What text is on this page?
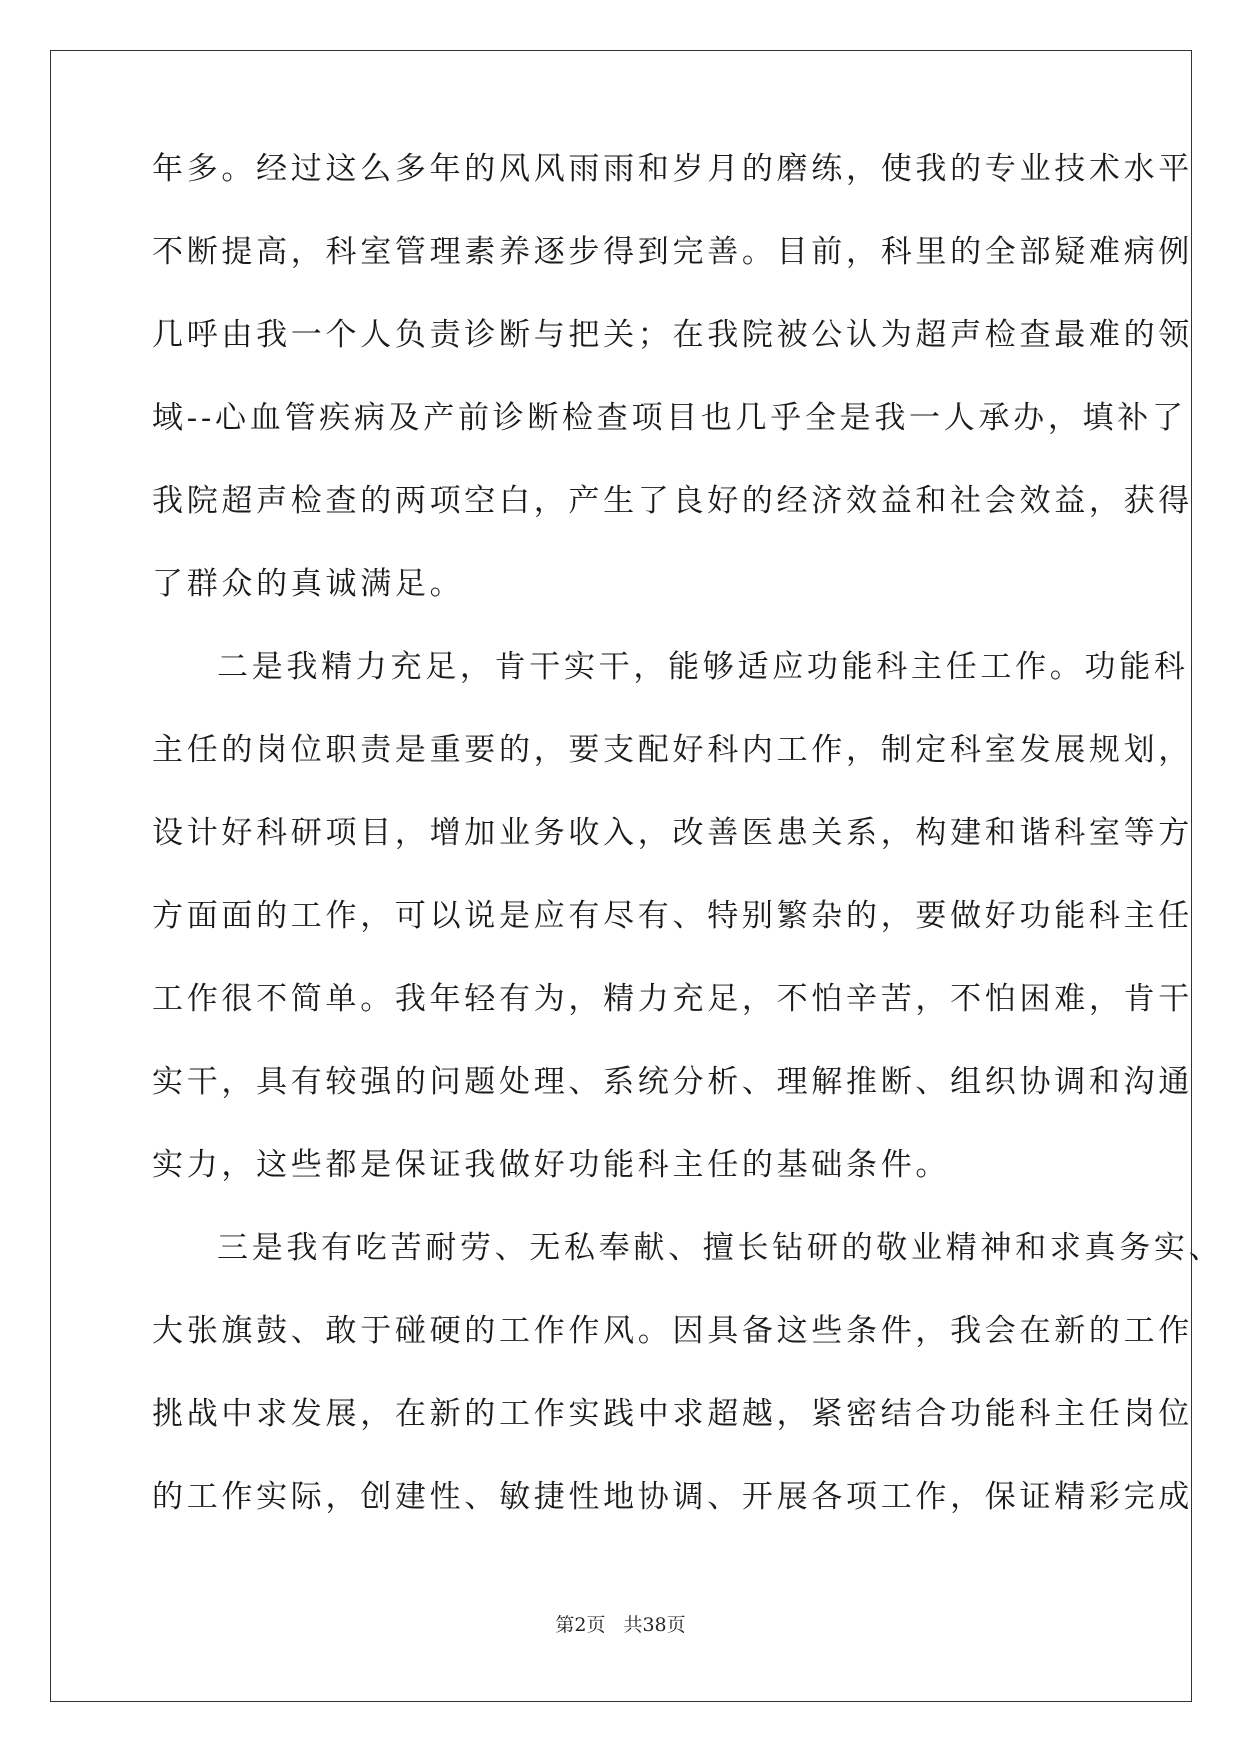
年多。经过这么多年的风风雨雨和岁月的磨练，使我的专业技术水平
不断提高，科室管理素养逐步得到完善。目前，科里的全部疑难病例
几呼由我一个人负责诊断与把关；在我院被公认为超声检查最难的领
域--心血管疾病及产前诊断检查项目也几乎全是我一人承办，填补了
我院超声检查的两项空白，产生了良好的经济效益和社会效益，获得
了群众的真诚满足。
二是我精力充足，肯干实干，能够适应功能科主任工作。功能科
主任的岗位职责是重要的，要支配好科内工作，制定科室发展规划，
设计好科研项目，增加业务收入，改善医患关系，构建和谐科室等方
方面面的工作，可以说是应有尽有、特别繁杂的，要做好功能科主任
工作很不简单。我年轻有为，精力充足，不怕辛苦，不怕困难，肯干
实干，具有较强的问题处理、系统分析、理解推断、组织协调和沟通
实力，这些都是保证我做好功能科主任的基础条件。
三是我有吃苦耐劳、无私奉献、擅长钻研的敬业精神和求真务实、
大张旗鼓、敢于碰硬的工作作风。因具备这些条件，我会在新的工作
挑战中求发展，在新的工作实践中求超越，紧密结合功能科主任岗位
的工作实际，创建性、敏捷性地协调、开展各项工作，保证精彩完成
第2页 共38页
